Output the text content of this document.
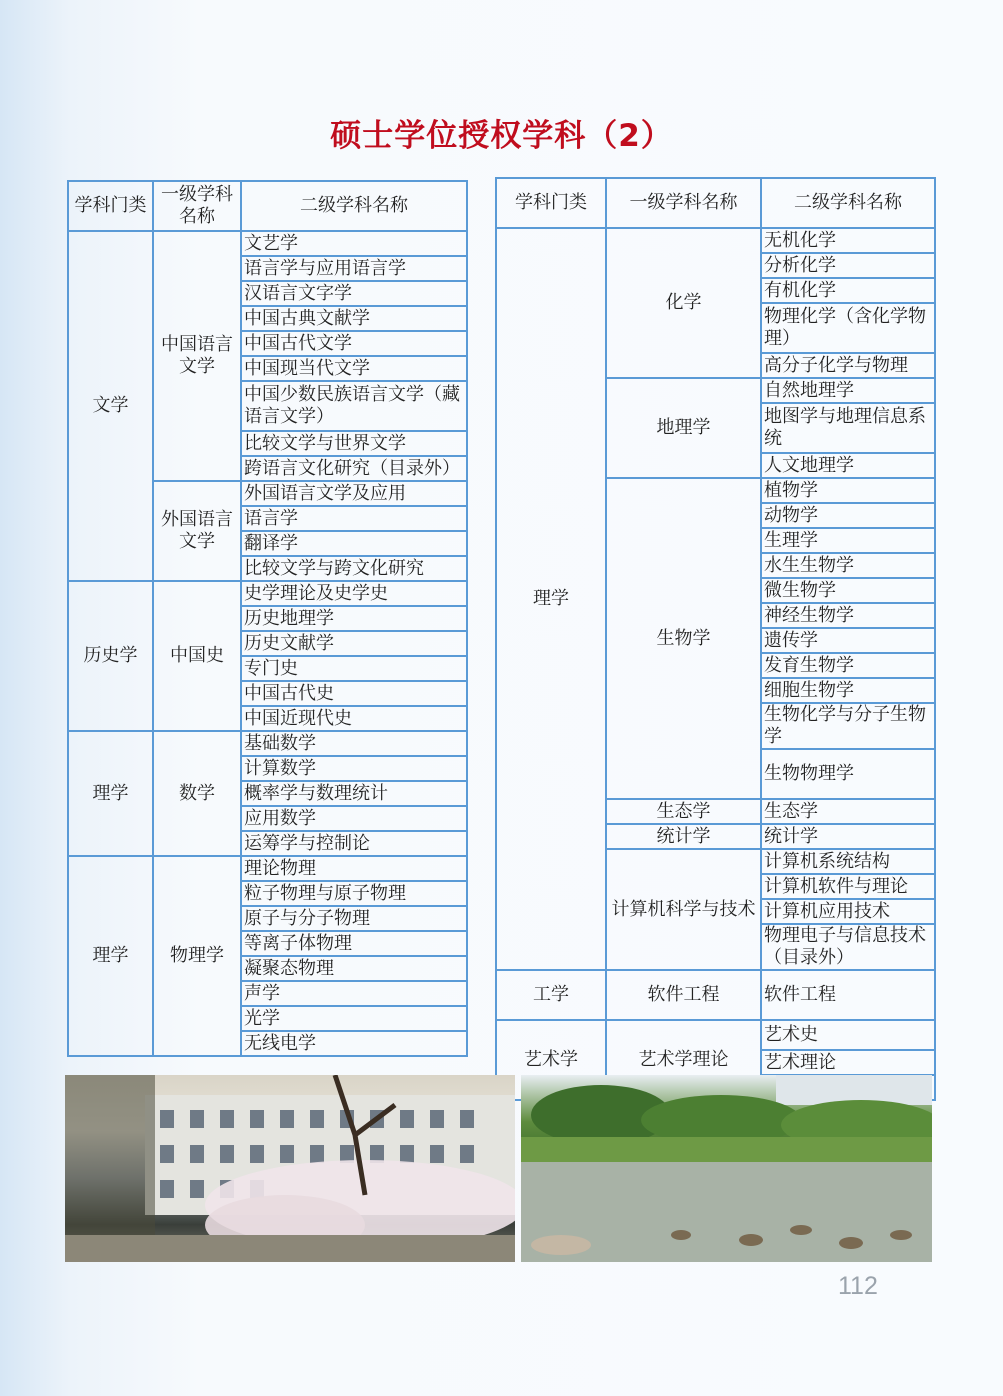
硕士学位授权学科（2）
学科门类	一级学科名称	二级学科名称
文学	中国语言文学	文艺学
		语言学与应用语言学
		汉语言文字学
		中国古典文献学
		中国古代文学
		中国现当代文学
		中国少数民族语言文学（藏语言文学）
		比较文学与世界文学
		跨语言文化研究（目录外）
	外国语言文学	外国语言文学及应用
		语言学
		翻译学
		比较文学与跨文化研究
历史学	中国史	史学理论及史学史
		历史地理学
		历史文献学
		专门史
		中国古代史
		中国近现代史
理学	数学	基础数学
		计算数学
		概率学与数理统计
		应用数学
		运筹学与控制论
理学	物理学	理论物理
		粒子物理与原子物理
		原子与分子物理
		等离子体物理
		凝聚态物理
		声学
		光学
		无线电学
学科门类	一级学科名称	二级学科名称
理学	化学	无机化学
		分析化学
		有机化学
		物理化学（含化学物理）
		高分子化学与物理
	地理学	自然地理学
		地图学与地理信息系统
		人文地理学
	生物学	植物学
		动物学
		生理学
		水生生物学
		微生物学
		神经生物学
		遗传学
		发育生物学
		细胞生物学
		生物化学与分子生物学
		生物物理学
	生态学	生态学
	统计学	统计学
	计算机科学与技术	计算机系统结构
		计算机软件与理论
		计算机应用技术
		物理电子与信息技术（目录外）
工学	软件工程	软件工程
艺术学	艺术学理论	艺术史
		艺术理论

112
